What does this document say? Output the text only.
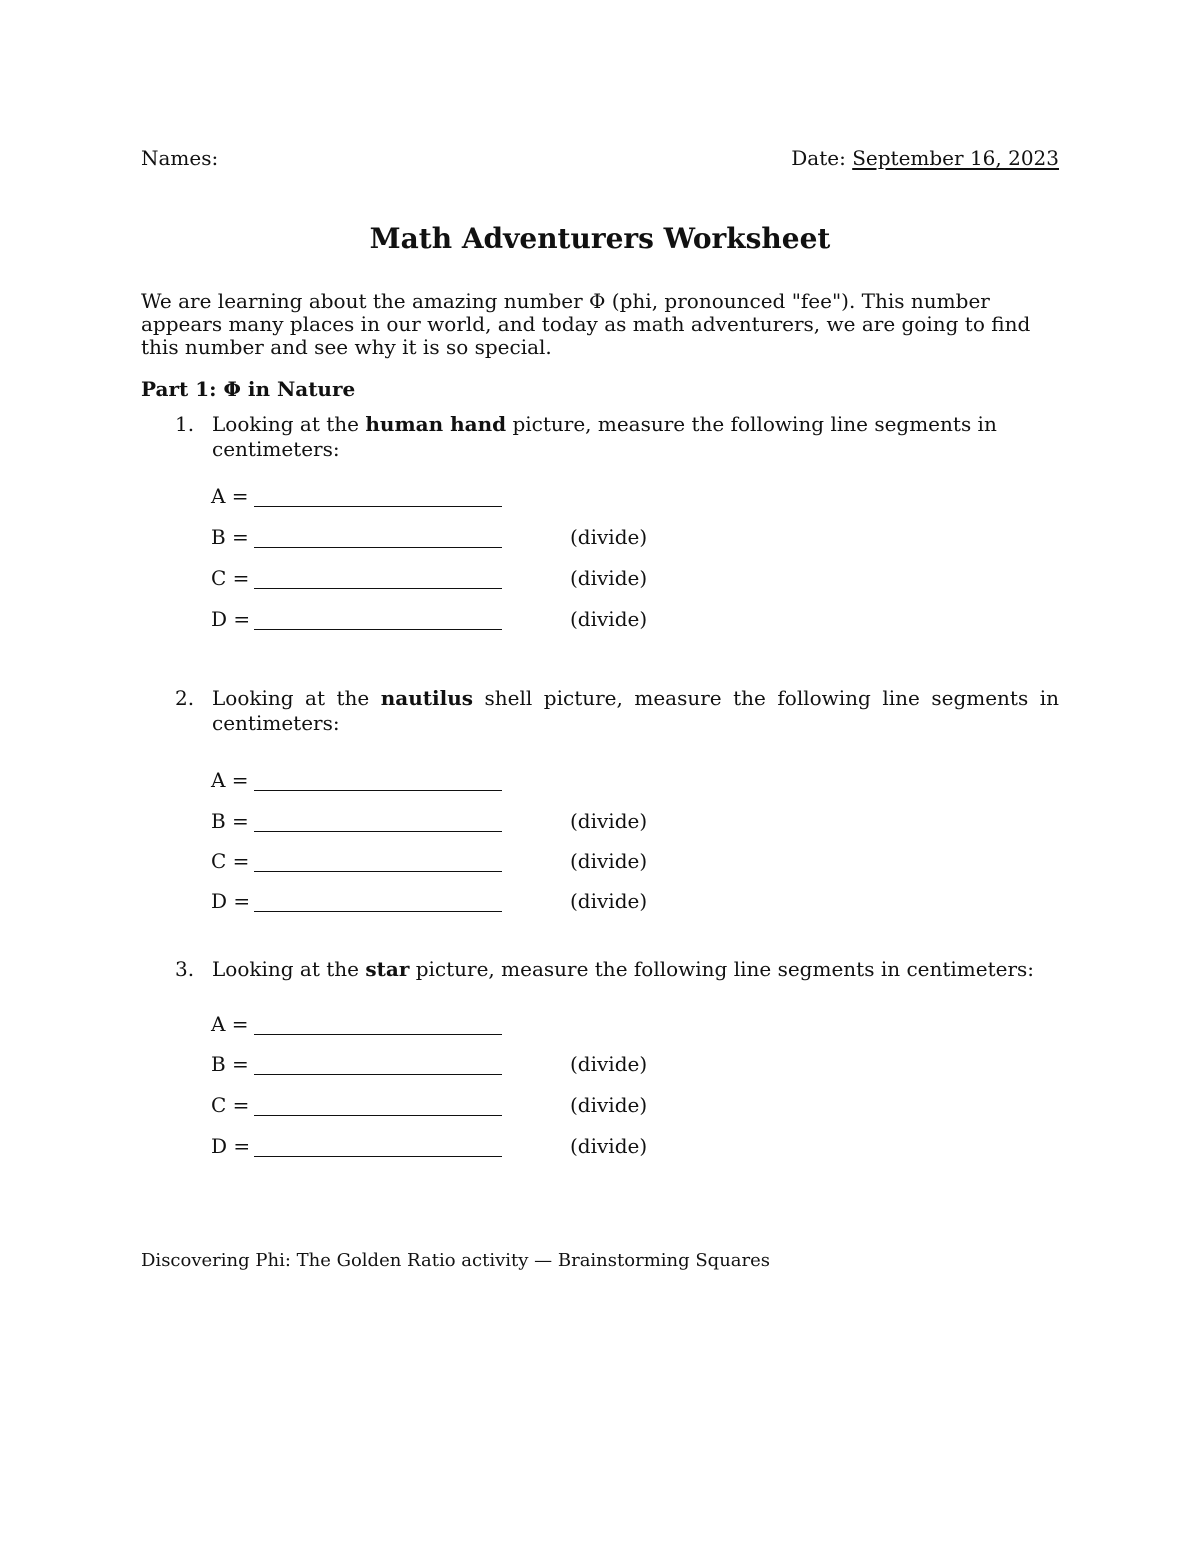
Names:	Date: September 16, 2023
Math Adventurers Worksheet
We are learning about the amazing number Φ (phi, pronounced "fee"). This number appears many places in our world, and today as math adventurers, we are going to find this number and see why it is so special.
Part 1: Φ in Nature
1. Looking at the human hand picture, measure the following line segments in centimeters:
A =
B =	(divide)
C =	(divide)
D =	(divide)
2. Looking at the nautilus shell picture, measure the following line segments in centimeters:
A =
B =	(divide)
C =	(divide)
D =	(divide)
3. Looking at the star picture, measure the following line segments in centimeters:
A =
B =	(divide)
C =	(divide)
D =	(divide)
Discovering Phi: The Golden Ratio activity — Brainstorming Squares
